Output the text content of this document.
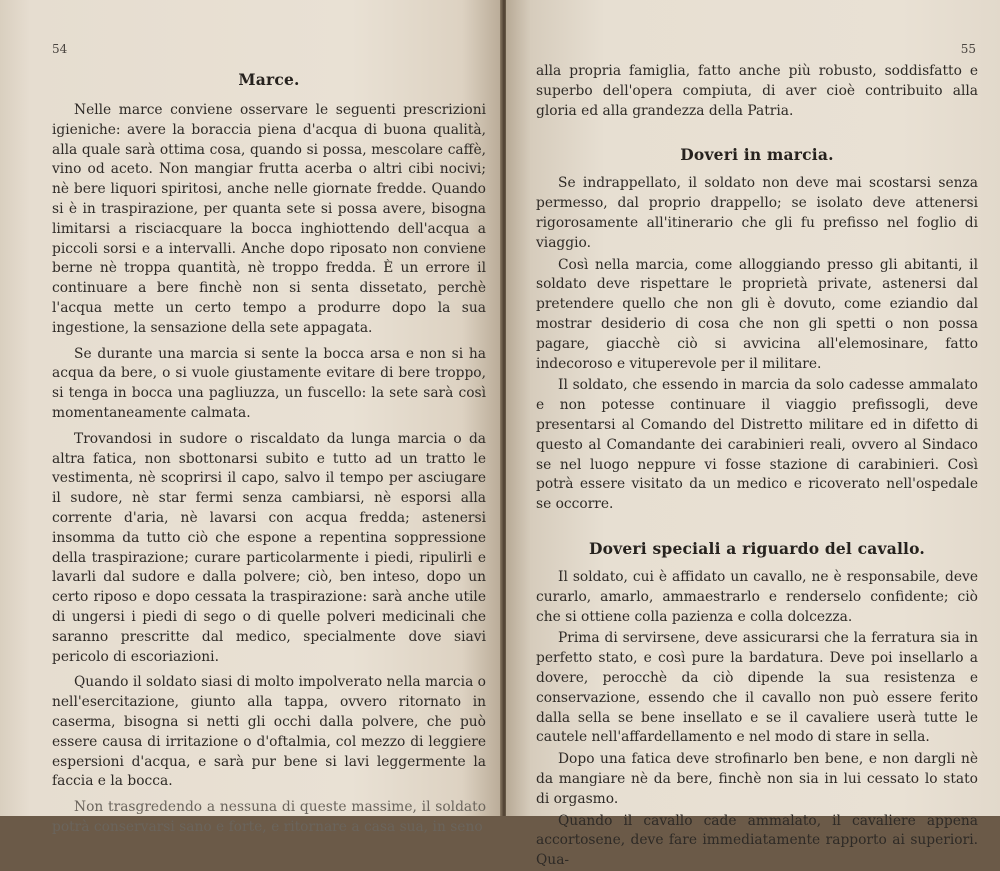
54
Marce.

Nelle marce conviene osservare le seguenti prescrizioni igieniche: avere la boraccia piena d'acqua di buona qualità, alla quale sarà ottima cosa, quando si possa, mescolare caffè, vino od aceto. Non mangiar frutta acerba o altri cibi nocivi; nè bere liquori spiritosi, anche nelle giornate fredde. Quando si è in traspirazione, per quanta sete si possa avere, bisogna limitarsi a risciacquare la bocca inghiottendo dell'acqua a piccoli sorsi e a intervalli. Anche dopo riposato non conviene berne nè troppa quantità, nè troppo fredda. È un errore il continuare a bere finchè non si senta dissetato, perchè l'acqua mette un certo tempo a produrre dopo la sua ingestione, la sensazione della sete appagata.

Se durante una marcia si sente la bocca arsa e non si ha acqua da bere, o si vuole giustamente evitare di bere troppo, si tenga in bocca una pagliuzza, un fuscello: la sete sarà così momentaneamente calmata.

Trovandosi in sudore o riscaldato da lunga marcia o da altra fatica, non sbottonarsi subito e tutto ad un tratto le vestimenta, nè scoprirsi il capo, salvo il tempo per asciugare il sudore, nè star fermi senza cambiarsi, nè esporsi alla corrente d'aria, nè lavarsi con acqua fredda; astenersi insomma da tutto ciò che espone a repentina soppressione della traspirazione; curare particolarmente i piedi, ripulirli e lavarli dal sudore e dalla polvere; ciò, ben inteso, dopo un certo riposo e dopo cessata la traspirazione: sarà anche utile di ungersi i piedi di sego o di quelle polveri medicinali che saranno prescritte dal medico, specialmente dove siavi pericolo di escoriazioni.

Quando il soldato siasi di molto impolverato nella marcia o nell'esercitazione, giunto alla tappa, ovvero ritornato in caserma, bisogna si netti gli occhi dalla polvere, che può essere causa di irritazione o d'oftalmia, col mezzo di leggiere espersioni d'acqua, e sarà pur bene si lavi leggermente la faccia e la bocca.

Non trasgredendo a nessuna di queste massime, il soldato potrà conservarsi sano e forte, e ritornare a casa sua, in seno

55

alla propria famiglia, fatto anche più robusto, soddisfatto e superbo dell'opera compiuta, di aver cioè contribuito alla gloria ed alla grandezza della Patria.

Doveri in marcia.

Se indrappellato, il soldato non deve mai scostarsi senza permesso, dal proprio drappello; se isolato deve attenersi rigorosamente all'itinerario che gli fu prefisso nel foglio di viaggio.

Così nella marcia, come alloggiando presso gli abitanti, il soldato deve rispettare le proprietà private, astenersi dal pretendere quello che non gli è dovuto, come eziandio dal mostrar desiderio di cosa che non gli spetti o non possa pagare, giacchè ciò si avvicina all'elemosinare, fatto indecoroso e vituperevole per il militare.

Il soldato, che essendo in marcia da solo cadesse ammalato e non potesse continuare il viaggio prefissogli, deve presentarsi al Comando del Distretto militare ed in difetto di questo al Comandante dei carabinieri reali, ovvero al Sindaco se nel luogo neppure vi fosse stazione di carabinieri. Così potrà essere visitato da un medico e ricoverato nell'ospedale se occorre.

Doveri speciali a riguardo del cavallo.

Il soldato, cui è affidato un cavallo, ne è responsabile, deve curarlo, amarlo, ammaestrarlo e renderselo confidente; ciò che si ottiene colla pazienza e colla dolcezza.

Prima di servirsene, deve assicurarsi che la ferratura sia in perfetto stato, e così pure la bardatura. Deve poi insellarlo a dovere, perocchè da ciò dipende la sua resistenza e conservazione, essendo che il cavallo non può essere ferito dalla sella se bene insellato e se il cavaliere userà tutte le cautele nell'affardellamento e nel modo di stare in sella.

Dopo una fatica deve strofinarlo ben bene, e non dargli nè da mangiare nè da bere, finchè non sia in lui cessato lo stato di orgasmo.

Quando il cavallo cade ammalato, il cavaliere appena accortosene, deve fare immediatamente rapporto ai superiori. Qua-
